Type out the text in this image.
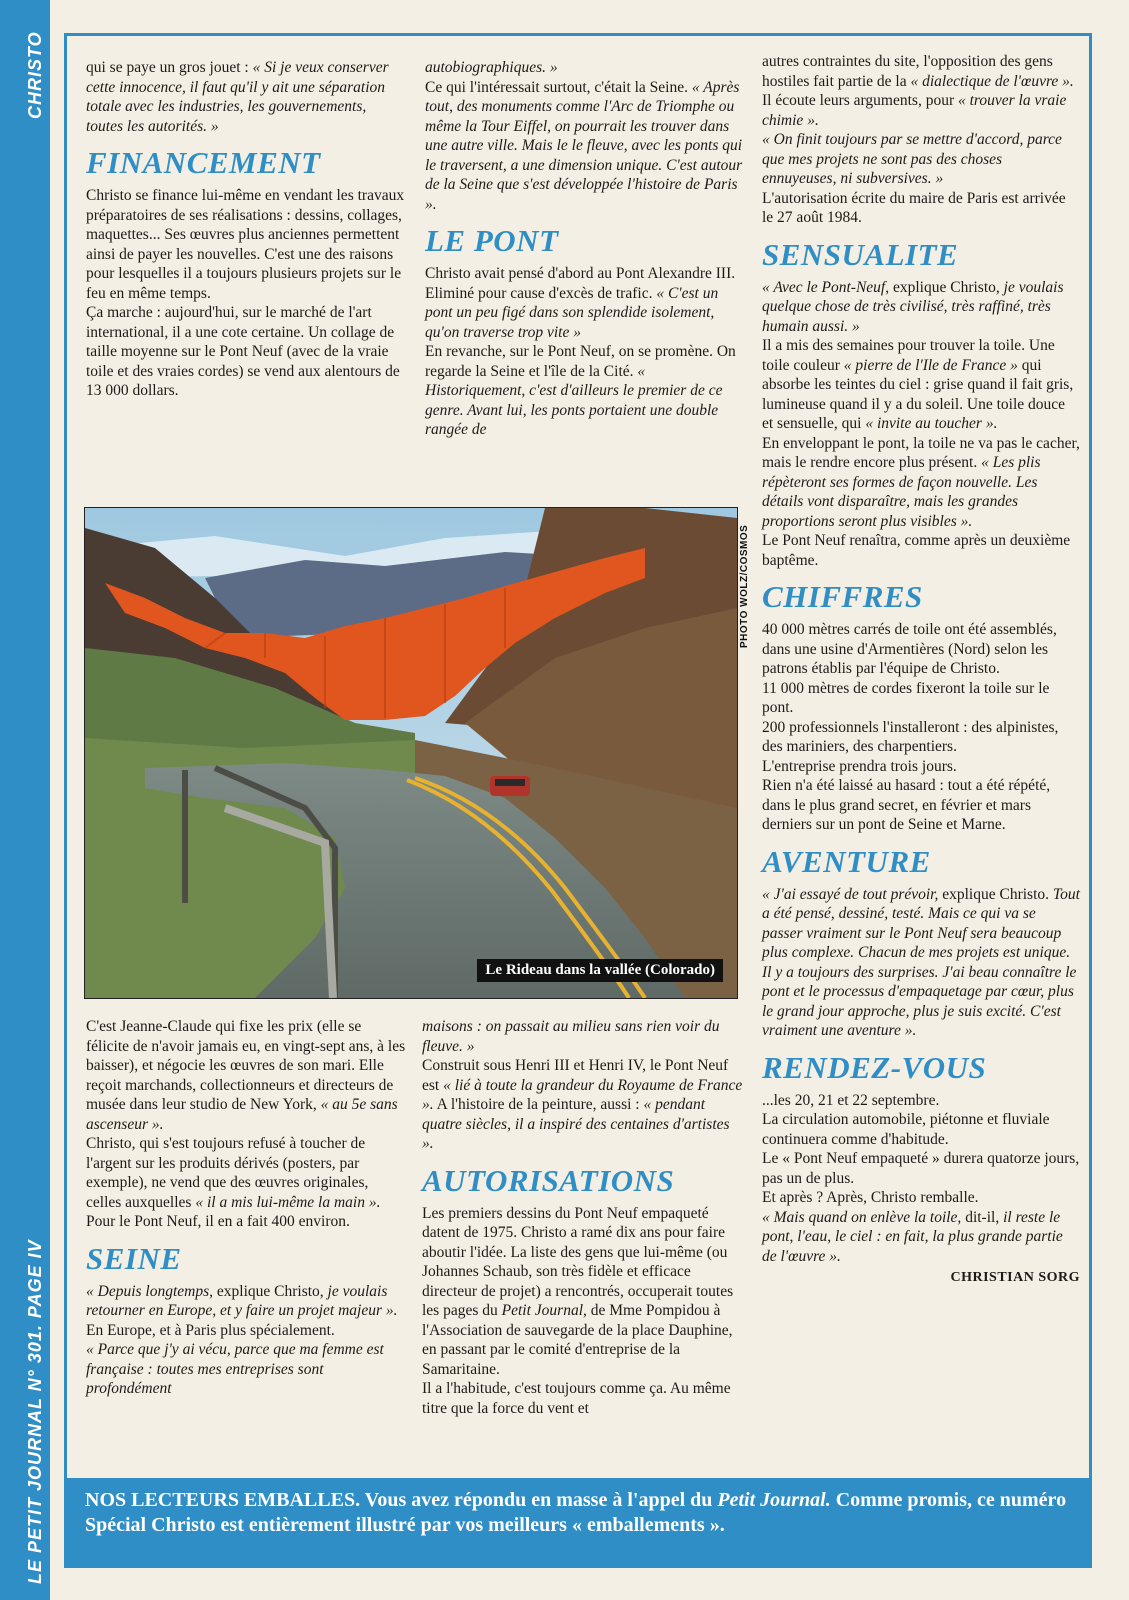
CHRISTO
LE PETIT JOURNAL N° 301. PAGE IV

qui se paye un gros jouet : « Si je veux conserver cette innocence, il faut qu'il y ait une séparation totale avec les industries, les gouvernements, toutes les autorités. »

FINANCEMENT

Christo se finance lui-même en vendant les travaux préparatoires de ses réalisations : dessins, collages, maquettes... Ses œuvres plus anciennes permettent ainsi de payer les nouvelles. C'est une des raisons pour lesquelles il a toujours plusieurs projets sur le feu en même temps.

Ça marche : aujourd'hui, sur le marché de l'art international, il a une cote certaine. Un collage de taille moyenne sur le Pont Neuf (avec de la vraie toile et des vraies cordes) se vend aux alentours de 13 000 dollars.

autobiographiques. »

Ce qui l'intéressait surtout, c'était la Seine. « Après tout, des monuments comme l'Arc de Triomphe ou même la Tour Eiffel, on pourrait les trouver dans une autre ville. Mais le le fleuve, avec les ponts qui le traversent, a une dimension unique. C'est autour de la Seine que s'est développée l'histoire de Paris ».

LE PONT

Christo avait pensé d'abord au Pont Alexandre III. Eliminé pour cause d'excès de trafic. « C'est un pont un peu figé dans son splendide isolement, qu'on traverse trop vite »

En revanche, sur le Pont Neuf, on se promène. On regarde la Seine et l'île de la Cité. « Historiquement, c'est d'ailleurs le premier de ce genre. Avant lui, les ponts portaient une double rangée de

autres contraintes du site, l'opposition des gens hostiles fait partie de la « dialectique de l'œuvre ». Il écoute leurs arguments, pour « trouver la vraie chimie ».

« On finit toujours par se mettre d'accord, parce que mes projets ne sont pas des choses ennuyeuses, ni subversives. »

L'autorisation écrite du maire de Paris est arrivée le 27 août 1984.

SENSUALITE

« Avec le Pont-Neuf, explique Christo, je voulais quelque chose de très civilisé, très raffiné, très humain aussi. »

Il a mis des semaines pour trouver la toile. Une toile couleur « pierre de l'Ile de France » qui absorbe les teintes du ciel : grise quand il fait gris, lumineuse quand il y a du soleil. Une toile douce et sensuelle, qui « invite au toucher ».

En enveloppant le pont, la toile ne va pas le cacher, mais le rendre encore plus présent. « Les plis répèteront ses formes de façon nouvelle. Les détails vont disparaître, mais les grandes proportions seront plus visibles ».

Le Pont Neuf renaîtra, comme après un deuxième baptême.

CHIFFRES

40 000 mètres carrés de toile ont été assemblés, dans une usine d'Armentières (Nord) selon les patrons établis par l'équipe de Christo.

11 000 mètres de cordes fixeront la toile sur le pont.

200 professionnels l'installeront : des alpinistes, des mariniers, des charpentiers.

L'entreprise prendra trois jours.

Rien n'a été laissé au hasard : tout a été répété, dans le plus grand secret, en février et mars derniers sur un pont de Seine et Marne.

AVENTURE

« J'ai essayé de tout prévoir, explique Christo. Tout a été pensé, dessiné, testé. Mais ce qui va se passer vraiment sur le Pont Neuf sera beaucoup plus complexe. Chacun de mes projets est unique. Il y a toujours des surprises. J'ai beau connaître le pont et le processus d'empaquetage par cœur, plus le grand jour approche, plus je suis excité. C'est vraiment une aventure ».

RENDEZ-VOUS

...les 20, 21 et 22 septembre.

La circulation automobile, piétonne et fluviale continuera comme d'habitude.

Le « Pont Neuf empaqueté » durera quatorze jours, pas un de plus.

Et après ? Après, Christo remballe.

« Mais quand on enlève la toile, dit-il, il reste le pont, l'eau, le ciel : en fait, la plus grande partie de l'œuvre ».

CHRISTIAN SORG

Le Rideau dans la vallée (Colorado)
PHOTO WOLZ/COSMOS

C'est Jeanne-Claude qui fixe les prix (elle se félicite de n'avoir jamais eu, en vingt-sept ans, à les baisser), et négocie les œuvres de son mari. Elle reçoit marchands, collectionneurs et directeurs de musée dans leur studio de New York, « au 5e sans ascenseur ».

Christo, qui s'est toujours refusé à toucher de l'argent sur les produits dérivés (posters, par exemple), ne vend que des œuvres originales, celles auxquelles « il a mis lui-même la main ». Pour le Pont Neuf, il en a fait 400 environ.

SEINE

« Depuis longtemps, explique Christo, je voulais retourner en Europe, et y faire un projet majeur ».

En Europe, et à Paris plus spécialement.

« Parce que j'y ai vécu, parce que ma femme est française : toutes mes entreprises sont profondément

maisons : on passait au milieu sans rien voir du fleuve. »

Construit sous Henri III et Henri IV, le Pont Neuf est « lié à toute la grandeur du Royaume de France ». A l'histoire de la peinture, aussi : « pendant quatre siècles, il a inspiré des centaines d'artistes ».

AUTORISATIONS

Les premiers dessins du Pont Neuf empaqueté datent de 1975. Christo a ramé dix ans pour faire aboutir l'idée. La liste des gens que lui-même (ou Johannes Schaub, son très fidèle et efficace directeur de projet) a rencontrés, occuperait toutes les pages du Petit Journal, de Mme Pompidou à l'Association de sauvegarde de la place Dauphine, en passant par le comité d'entreprise de la Samaritaine.

Il a l'habitude, c'est toujours comme ça. Au même titre que la force du vent et

NOS LECTEURS EMBALLES. Vous avez répondu en masse à l'appel du Petit Journal. Comme promis, ce numéro Spécial Christo est entièrement illustré par vos meilleurs « emballements ».
